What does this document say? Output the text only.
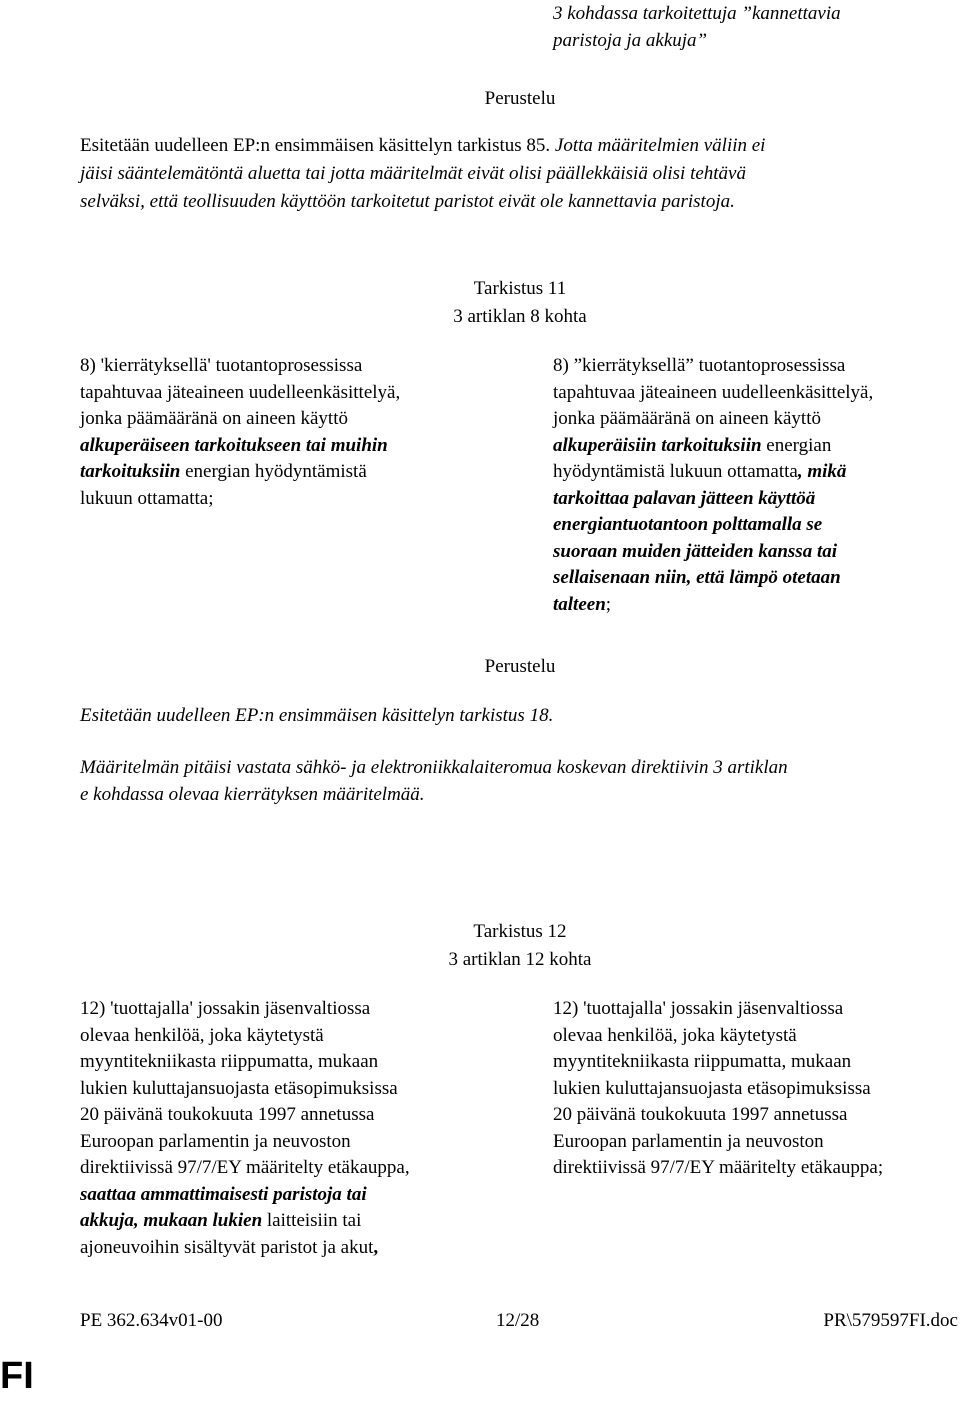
3 kohdassa tarkoitettuja ”kannettavia
paristoja ja akkuja”
Perustelu
Esitetään uudelleen EP:n ensimmäisen käsittelyn tarkistus 85. Jotta määritelmien väliin ei
jäisi sääntelemätöntä aluetta tai jotta määritelmät eivät olisi päällekkäisiä olisi tehtävä
selväksi, että teollisuuden käyttöön tarkoitetut paristot eivät ole kannettavia paristoja.
Tarkistus 11
3 artiklan 8 kohta
8) 'kierrätyksellä' tuotantoprosessissa
tapahtuvaa jäteaineen uudelleenkäsittelyä,
jonka päämääränä on aineen käyttö
alkuperäiseen tarkoitukseen tai muihin
tarkoituksiin energian hyödyntämistä
lukuun ottamatta;
8) ”kierrätyksellä” tuotantoprosessissa
tapahtuvaa jäteaineen uudelleenkäsittelyä,
jonka päämääränä on aineen käyttö
alkuperäisiin tarkoituksiin energian
hyödyntämistä lukuun ottamatta, mikä
tarkoittaa palavan jätteen käyttöä
energiantuotantoon polttamalla se
suoraan muiden jätteiden kanssa tai
sellaisenaan niin, että lämpö otetaan
talteen;
Perustelu
Esitetään uudelleen EP:n ensimmäisen käsittelyn tarkistus 18.
Määritelmän pitäisi vastata sähkö- ja elektroniikkalaiteromua koskevan direktiivin 3 artiklan
e kohdassa olevaa kierrätyksen määritelmää.
Tarkistus 12
3 artiklan 12 kohta
12) 'tuottajalla' jossakin jäsenvaltiossa
olevaa henkilöä, joka käytetystä
myyntitekniikasta riippumatta, mukaan
lukien kuluttajansuojasta etäsopimuksissa
20 päivänä toukokuuta 1997 annetussa
Euroopan parlamentin ja neuvoston
direktiivissä 97/7/EY määritelty etäkauppa,
saattaa ammattimaisesti paristoja tai
akkuja, mukaan lukien laitteisiin tai
ajoneuvoihin sisältyvät paristot ja akut,
12) 'tuottajalla' jossakin jäsenvaltiossa
olevaa henkilöä, joka käytetystä
myyntitekniikasta riippumatta, mukaan
lukien kuluttajansuojasta etäsopimuksissa
20 päivänä toukokuuta 1997 annetussa
Euroopan parlamentin ja neuvoston
direktiivissä 97/7/EY määritelty etäkauppa;
PE 362.634v01-00	12/28	PR\579597FI.doc
FI
